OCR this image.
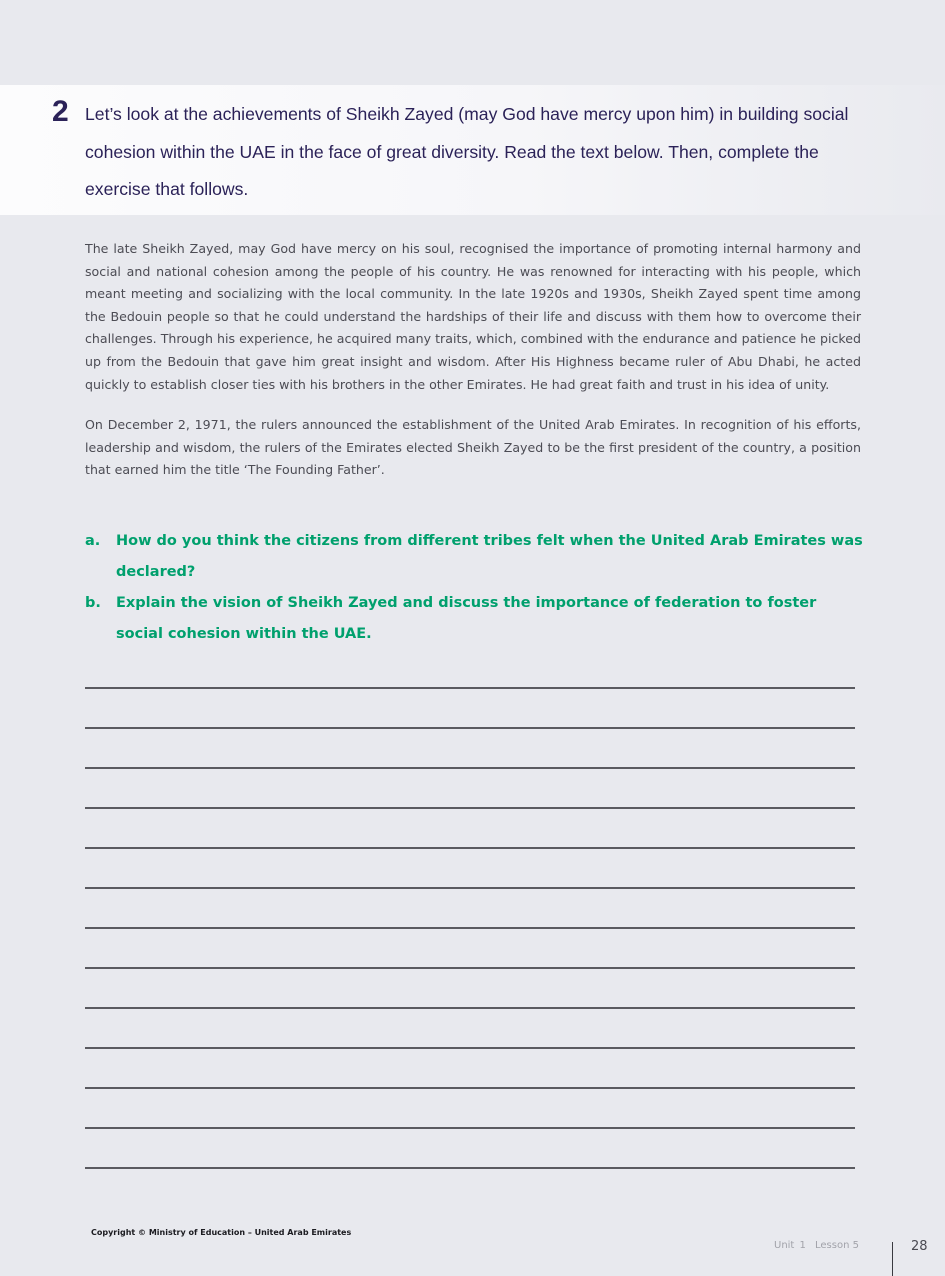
2 Let’s look at the achievements of Sheikh Zayed (may God have mercy upon him) in building social cohesion within the UAE in the face of great diversity. Read the text below. Then, complete the exercise that follows.

The late Sheikh Zayed, may God have mercy on his soul, recognised the importance of promoting internal harmony and social and national cohesion among the people of his country. He was renowned for interacting with his people, which meant meeting and socializing with the local community. In the late 1920s and 1930s, Sheikh Zayed spent time among the Bedouin people so that he could understand the hardships of their life and discuss with them how to overcome their challenges. Through his experience, he acquired many traits, which, combined with the endurance and patience he picked up from the Bedouin that gave him great insight and wisdom. After His Highness became ruler of Abu Dhabi, he acted quickly to establish closer ties with his brothers in the other Emirates. He had great faith and trust in his idea of unity.

On December 2, 1971, the rulers announced the establishment of the United Arab Emirates. In recognition of his efforts, leadership and wisdom, the rulers of the Emirates elected Sheikh Zayed to be the first president of the country, a position that earned him the title ‘The Founding Father’.

a.	How do you think the citizens from different tribes felt when the United Arab Emirates was declared?
b.	Explain the vision of Sheikh Zayed and discuss the importance of federation to foster social cohesion within the UAE.
Copyright © Ministry of Education – United Arab Emirates
Unit 1 Lesson 5	28
